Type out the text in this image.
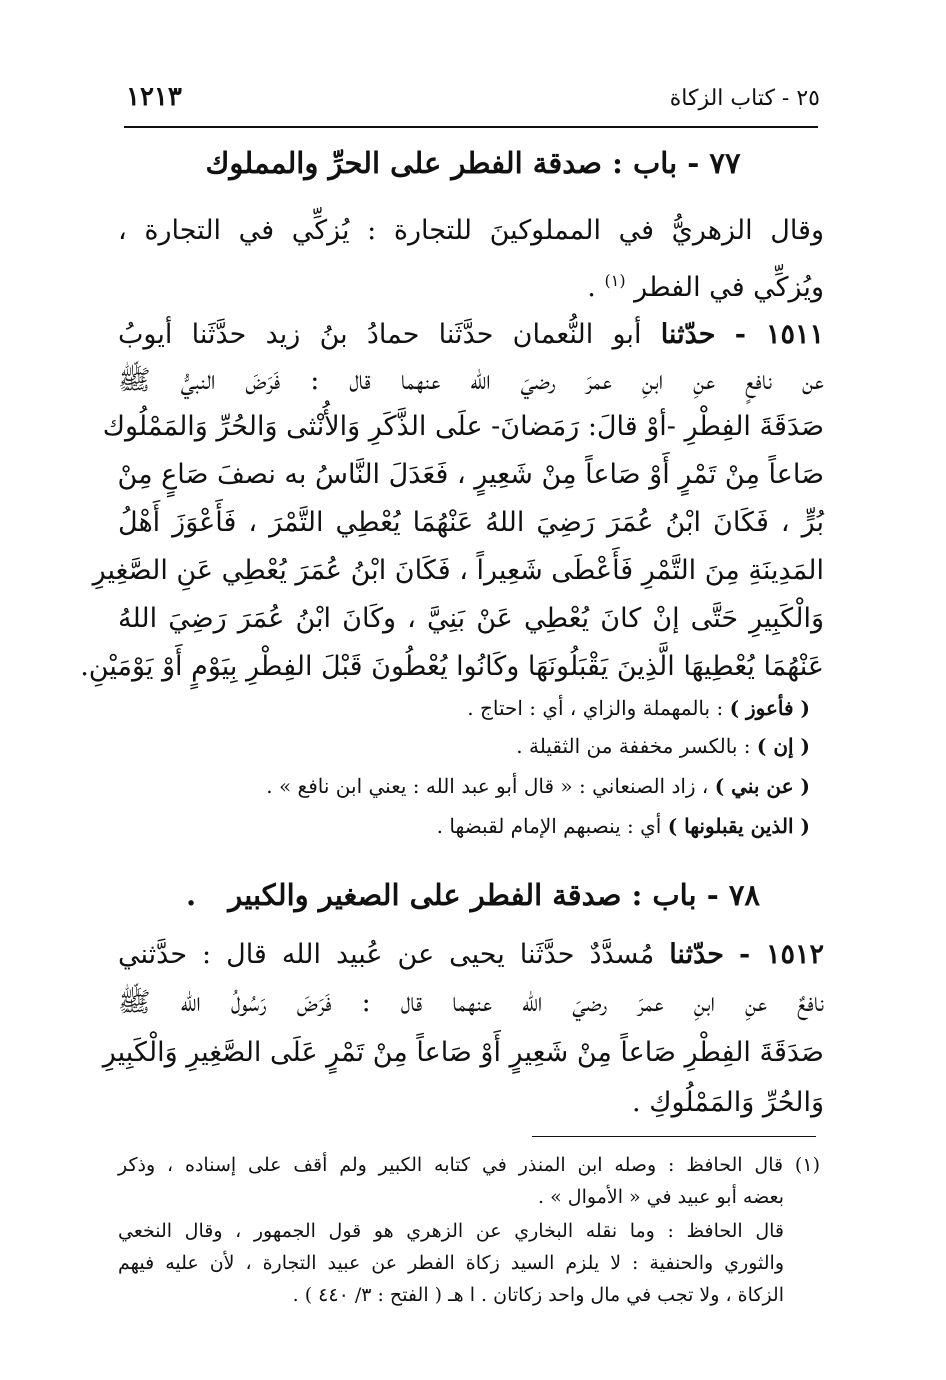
١٢١٣	٢٥ - كتاب الزكاة
٧٧ - باب : صدقة الفطر على الحرِّ والمملوك
وقال الزهريُّ في المملوكينَ للتجارة : يُزكِّي في التجارة ،
ويُزكِّي في الفطر $^{(١)}$ .
١٥١١ - حدّثنا أبو النُّعمان حدَّثَنا حمادُ بنُ زيد حدَّثَنا أيوبُ
عن نافعٍ عنِ ابنِ عمرَ رضيَ الله عنهما قال : فَرَضَ النبيُّ ﷺ
صَدَقَةَ الفِطْرِ -أوْ قالَ: رَمَضانَ- علَى الذَّكَرِ وَالأُنْثى وَالحُرِّ وَالمَمْلُوك
صَاعاً مِنْ تَمْرٍ أَوْ صَاعاً مِنْ شَعِيرٍ ، فَعَدَلَ النَّاسُ به نصفَ صَاعٍ مِنْ
بُرٍّ ، فَكَانَ ابْنُ عُمَرَ رَضِيَ اللهُ عَنْهُمَا يُعْطِي التَّمْرَ ، فَأَعْوَزَ أَهْلُ
المَدِينَةِ مِنَ التَّمْرِ فَأَعْطَى شَعِيراً ، فَكَانَ ابْنُ عُمَرَ يُعْطِي عَنِ الصَّغِيرِ
وَالْكَبِيرِ حَتَّى إنْ كانَ يُعْطِي عَنْ بَنِيَّ ، وكَانَ ابْنُ عُمَرَ رَضِيَ اللهُ
عَنْهُمَا يُعْطِيهَا الَّذِينَ يَقْبَلُونَهَا وكَانُوا يُعْطُونَ قَبْلَ الفِطْرِ بِيَوْمٍ أَوْ يَوْمَيْنِ.
( فأعوز ) : بالمهملة والزاي ، أي : احتاج .
( إن ) : بالكسر مخففة من الثقيلة .
( عن بني ) ، زاد الصنعاني : « قال أبو عبد الله : يعني ابن نافع » .
( الذين يقبلونها ) أي : ينصبهم الإمام لقبضها .
٧٨ - باب : صدقة الفطر على الصغير والكبير .
١٥١٢ - حدّثنا مُسدَّدٌ حدَّثَنا يحيى عن عُبيد الله قال : حدَّثني
نافعٌ عنِ ابنِ عمرَ رضيَ الله عنهما قال : فَرَضَ رَسُولُ الله ﷺ
صَدَقَةَ الفِطْرِ صَاعاً مِنْ شَعِيرٍ أَوْ صَاعاً مِنْ تَمْرٍ عَلَى الصَّغِيرِ وَالْكَبِيرِ
وَالحُرِّ وَالمَمْلُوكِ .
(١) قال الحافظ : وصله ابن المنذر في كتابه الكبير ولم أقف على إسناده ، وذكر
بعضه أبو عبيد في « الأموال » .
قال الحافظ : وما نقله البخاري عن الزهري هو قول الجمهور ، وقال النخعي
والثوري والحنفية : لا يلزم السيد زكاة الفطر عن عبيد التجارة ، لأن عليه فيهم
الزكاة ، ولا تجب في مال واحد زكاتان . ا هـ ( الفتح : ٣/ ٤٤٠ ) .
